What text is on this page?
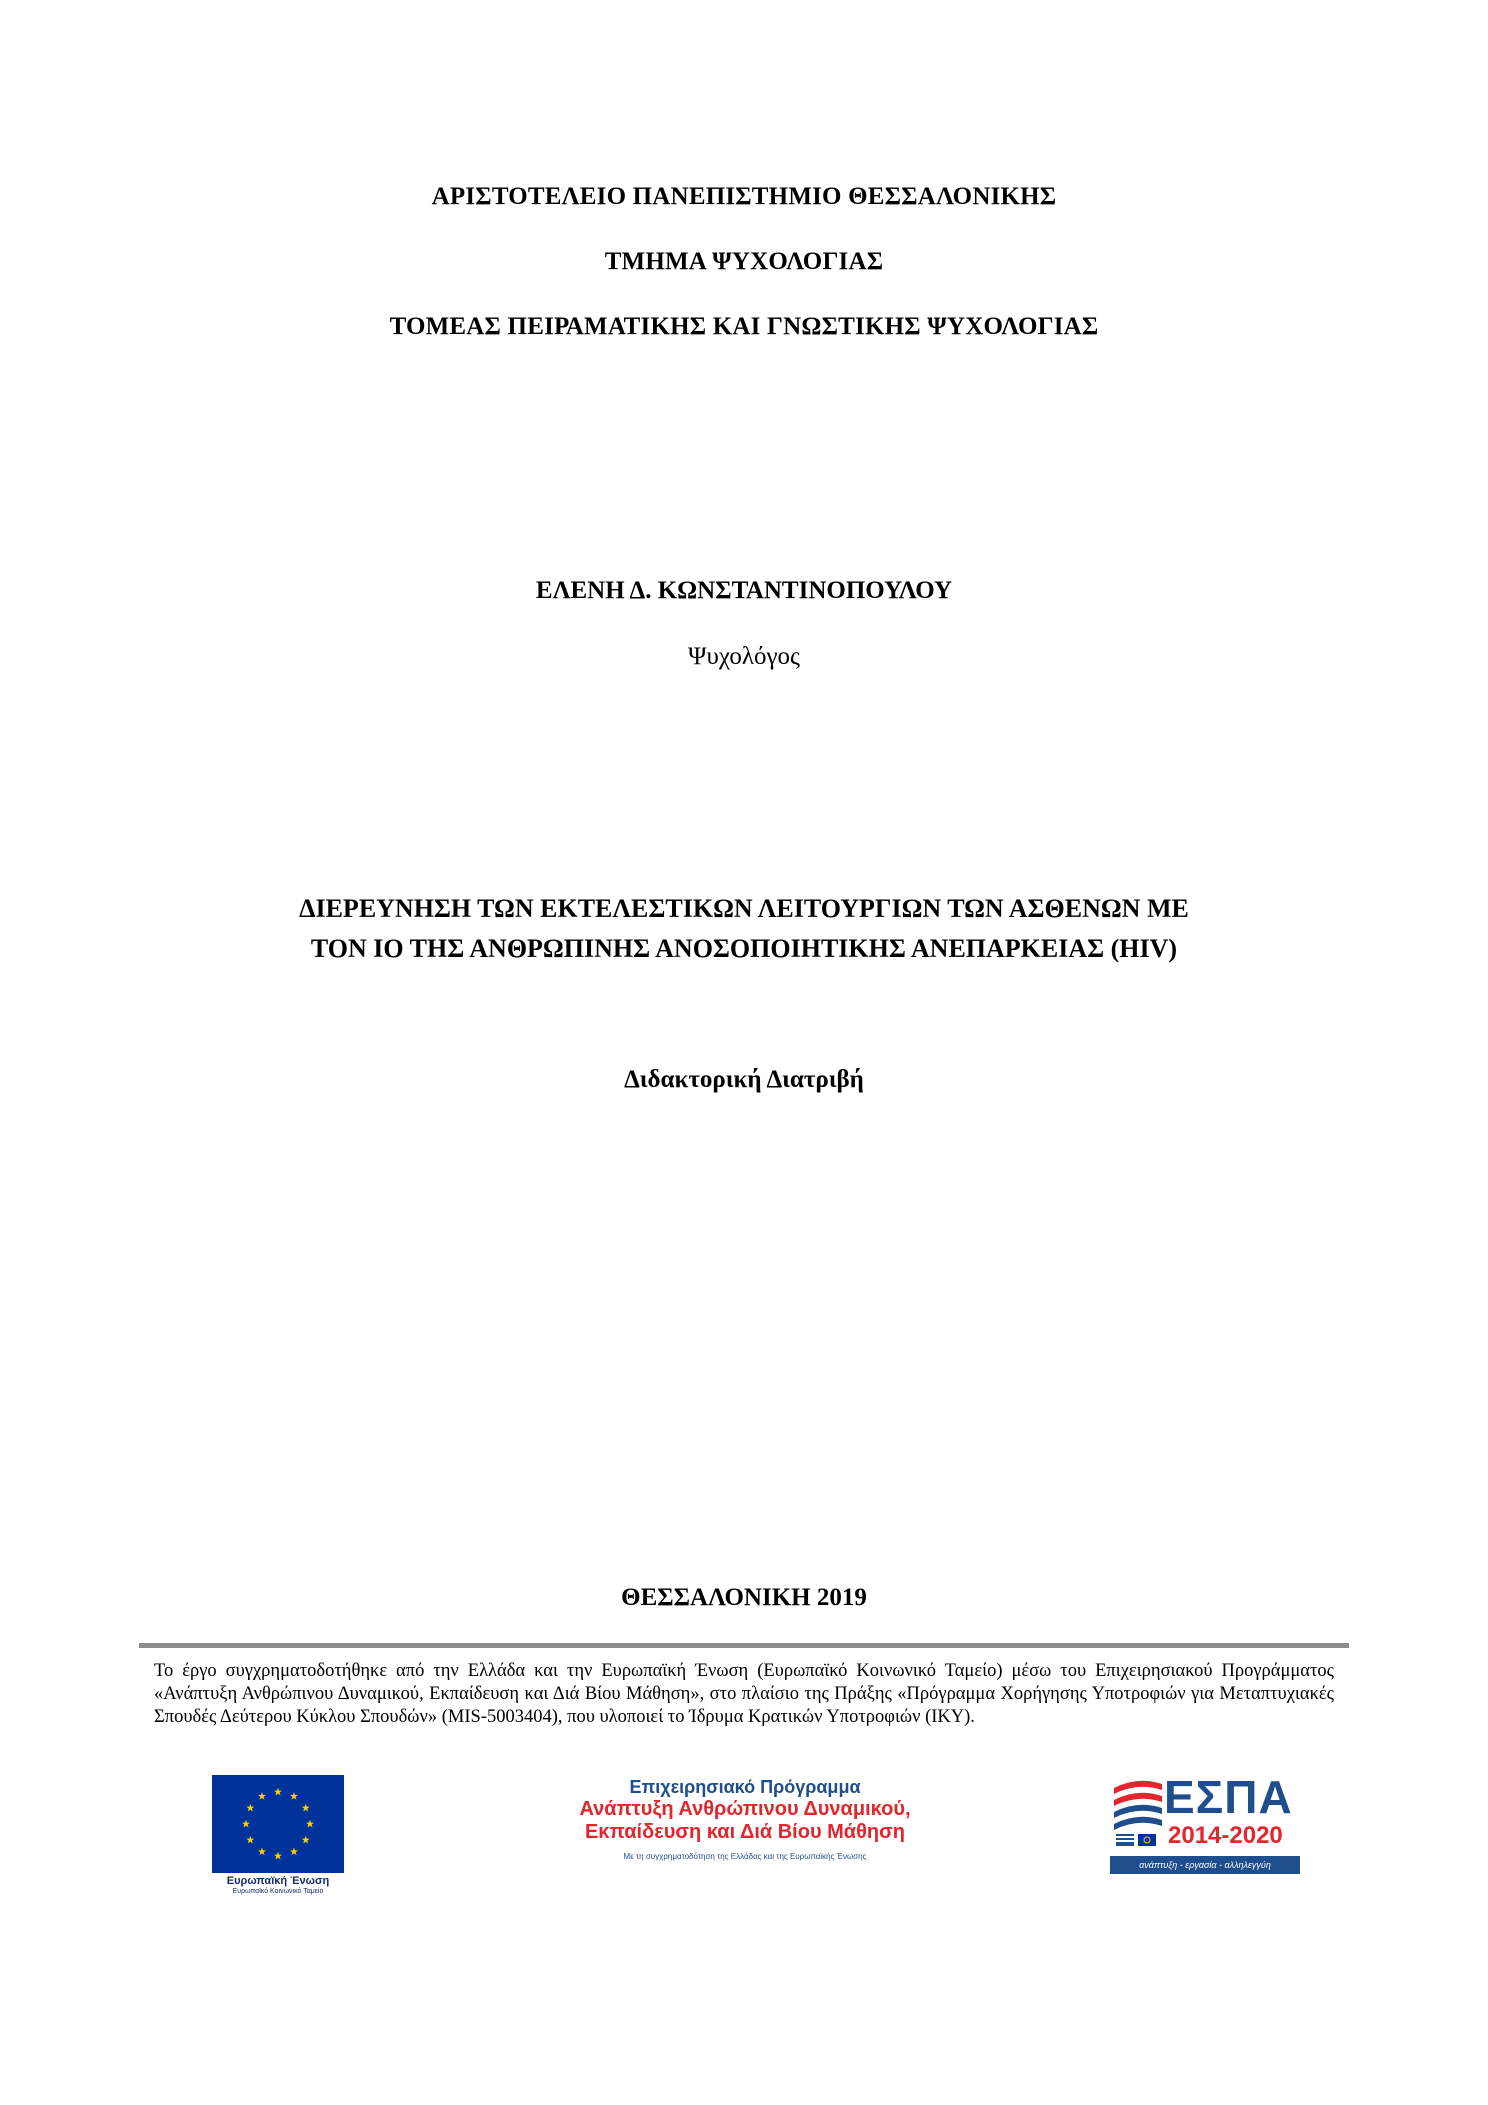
ΑΡΙΣΤΟΤΕΛΕΙΟ ΠΑΝΕΠΙΣΤΗΜΙΟ ΘΕΣΣΑΛΟΝΙΚΗΣ
ΤΜΗΜΑ ΨΥΧΟΛΟΓΙΑΣ
ΤΟΜΕΑΣ ΠΕΙΡΑΜΑΤΙΚΗΣ ΚΑΙ ΓΝΩΣΤΙΚΗΣ ΨΥΧΟΛΟΓΙΑΣ
ΕΛΕΝΗ Δ. ΚΩΝΣΤΑΝΤΙΝΟΠΟΥΛΟΥ
Ψυχολόγος
ΔΙΕΡΕΥΝΗΣΗ ΤΩΝ ΕΚΤΕΛΕΣΤΙΚΩΝ ΛΕΙΤΟΥΡΓΙΩΝ ΤΩΝ ΑΣΘΕΝΩΝ ΜΕ
ΤΟΝ ΙΟ ΤΗΣ ΑΝΘΡΩΠΙΝΗΣ ΑΝΟΣΟΠΟΙΗΤΙΚΗΣ ΑΝΕΠΑΡΚΕΙΑΣ (HIV)
Διδακτορική Διατριβή
ΘΕΣΣΑΛΟΝΙΚΗ 2019

Το έργο συγχρηματοδοτήθηκε από την Ελλάδα και την Ευρωπαϊκή Ένωση (Ευρωπαϊκό Κοινωνικό Ταμείο) μέσω του Επιχειρησιακού Προγράμματος «Ανάπτυξη Ανθρώπινου Δυναμικού, Εκπαίδευση και Διά Βίου Μάθηση», στο πλαίσιο της Πράξης «Πρόγραμμα Χορήγησης Υποτροφιών για Μεταπτυχιακές Σπουδές Δεύτερου Κύκλου Σπουδών» (MIS-5003404), που υλοποιεί το Ίδρυμα Κρατικών Υποτροφιών (ΙΚΥ).

Ευρωπαϊκή Ένωση
Ευρωπαϊκό Κοινωνικό Ταμείο
Επιχειρησιακό Πρόγραμμα
Ανάπτυξη Ανθρώπινου Δυναμικού,
Εκπαίδευση και Διά Βίου Μάθηση
Με τη συγχρηματοδότηση της Ελλάδας και της Ευρωπαϊκής Ένωσης
ΕΣΠΑ
2014-2020
ανάπτυξη - εργασία - αλληλεγγύη
